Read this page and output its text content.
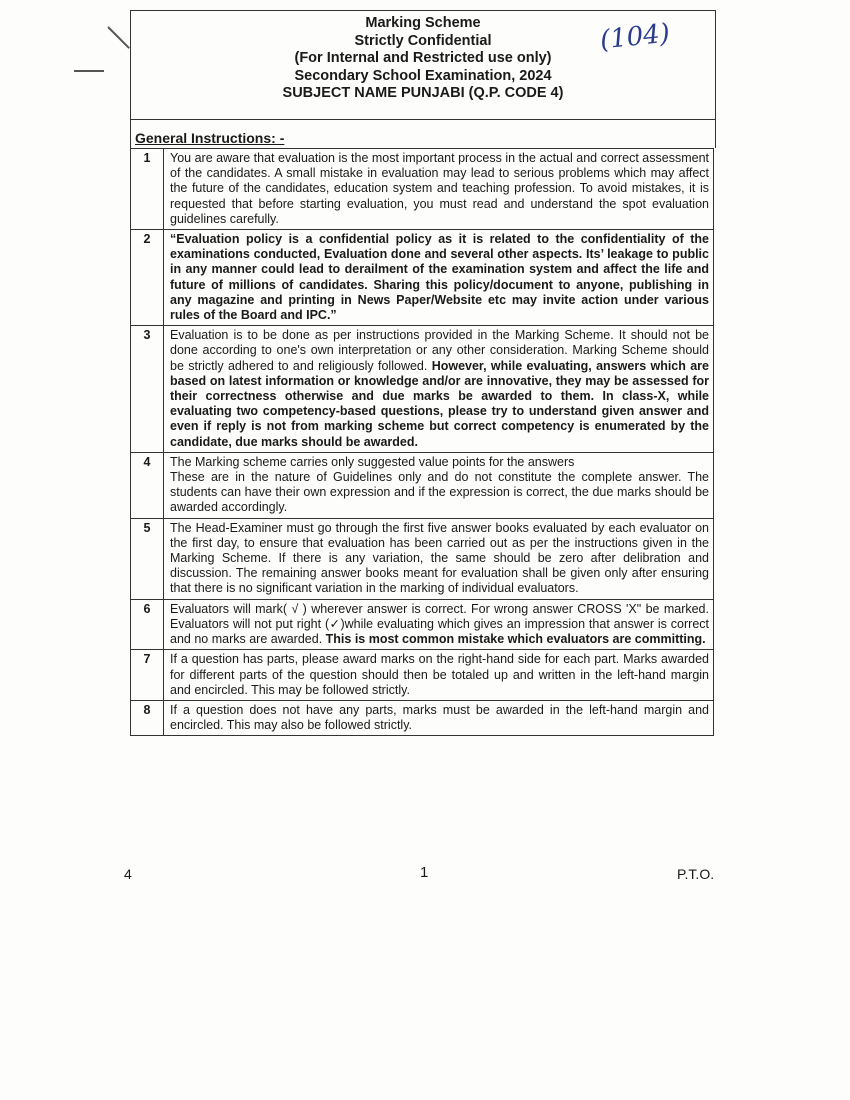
Marking Scheme
Strictly Confidential
(For Internal and Restricted use only)
Secondary School Examination, 2024
SUBJECT NAME PUNJABI (Q.P. CODE 4)
(104)
General Instructions: -
1	You are aware that evaluation is the most important process in the actual and correct assessment of the candidates. A small mistake in evaluation may lead to serious problems which may affect the future of the candidates, education system and teaching profession. To avoid mistakes, it is requested that before starting evaluation, you must read and understand the spot evaluation guidelines carefully.
2	“Evaluation policy is a confidential policy as it is related to the confidentiality of the examinations conducted, Evaluation done and several other aspects. Its’ leakage to public in any manner could lead to derailment of the examination system and affect the life and future of millions of candidates. Sharing this policy/document to anyone, publishing in any magazine and printing in News Paper/Website etc may invite action under various rules of the Board and IPC.”
3	Evaluation is to be done as per instructions provided in the Marking Scheme. It should not be done according to one's own interpretation or any other consideration. Marking Scheme should be strictly adhered to and religiously followed. However, while evaluating, answers which are based on latest information or knowledge and/or are innovative, they may be assessed for their correctness otherwise and due marks be awarded to them. In class-X, while evaluating two competency-based questions, please try to understand given answer and even if reply is not from marking scheme but correct competency is enumerated by the candidate, due marks should be awarded.
4	The Marking scheme carries only suggested value points for the answers
These are in the nature of Guidelines only and do not constitute the complete answer. The students can have their own expression and if the expression is correct, the due marks should be awarded accordingly.

5	The Head-Examiner must go through the first five answer books evaluated by each evaluator on the first day, to ensure that evaluation has been carried out as per the instructions given in the Marking Scheme. If there is any variation, the same should be zero after delibration and discussion. The remaining answer books meant for evaluation shall be given only after ensuring that there is no significant variation in the marking of individual evaluators.
6	Evaluators will mark( √ ) wherever answer is correct. For wrong answer CROSS 'X" be marked. Evaluators will not put right (✓)while evaluating which gives an impression that answer is correct and no marks are awarded. This is most common mistake which evaluators are committing.
7	If a question has parts, please award marks on the right-hand side for each part. Marks awarded for different parts of the question should then be totaled up and written in the left-hand margin and encircled. This may be followed strictly.
8	If a question does not have any parts, marks must be awarded in the left-hand margin and encircled. This may also be followed strictly.
4	1	P.T.O.
